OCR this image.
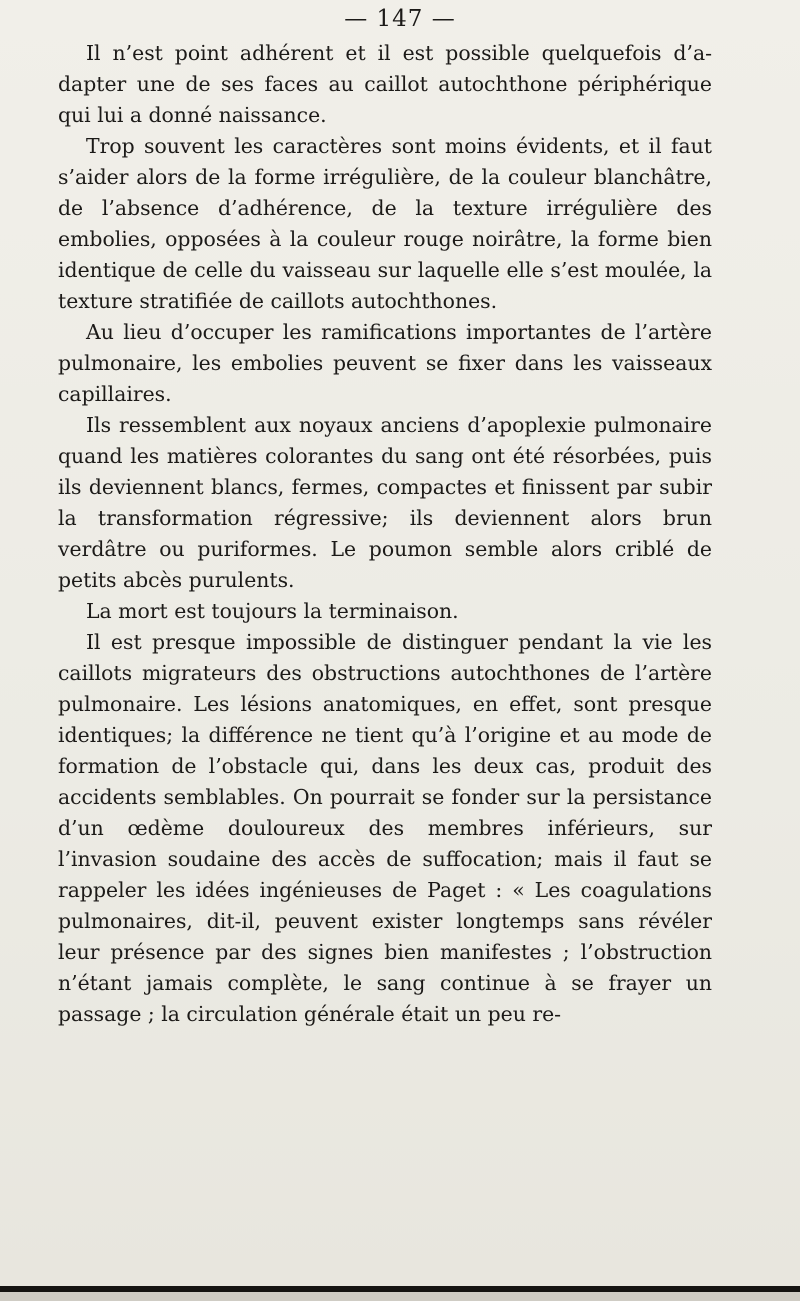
— 147 —

Il n’est point adhérent et il est possible quelquefois d’a-dapter une de ses faces au caillot autochthone périphérique qui lui a donné naissance.

Trop souvent les caractères sont moins évidents, et il faut s’aider alors de la forme irrégulière, de la couleur blanchâtre, de l’absence d’adhérence, de la texture irrégulière des embolies, opposées à la couleur rouge noirâtre, la forme bien identique de celle du vaisseau sur laquelle elle s’est moulée, la texture stratifiée de caillots autochthones.

Au lieu d’occuper les ramifications importantes de l’artère pulmonaire, les embolies peuvent se fixer dans les vaisseaux capillaires.

Ils ressemblent aux noyaux anciens d’apoplexie pulmonaire quand les matières colorantes du sang ont été résorbées, puis ils deviennent blancs, fermes, compactes et finissent par subir la transformation régressive; ils deviennent alors brun verdâtre ou puriformes. Le poumon semble alors criblé de petits abcès purulents.

La mort est toujours la terminaison.

Il est presque impossible de distinguer pendant la vie les caillots migrateurs des obstructions autochthones de l’artère pulmonaire. Les lésions anatomiques, en effet, sont presque identiques; la différence ne tient qu’à l’origine et au mode de formation de l’obstacle qui, dans les deux cas, produit des accidents semblables. On pourrait se fonder sur la persistance d’un œdème douloureux des membres inférieurs, sur l’invasion soudaine des accès de suffocation; mais il faut se rappeler les idées ingénieuses de Paget : « Les coagulations pulmonaires, dit-il, peuvent exister longtemps sans révéler leur présence par des signes bien manifestes ; l’obstruction n’étant jamais complète, le sang continue à se frayer un passage ; la circulation générale était un peu re-
